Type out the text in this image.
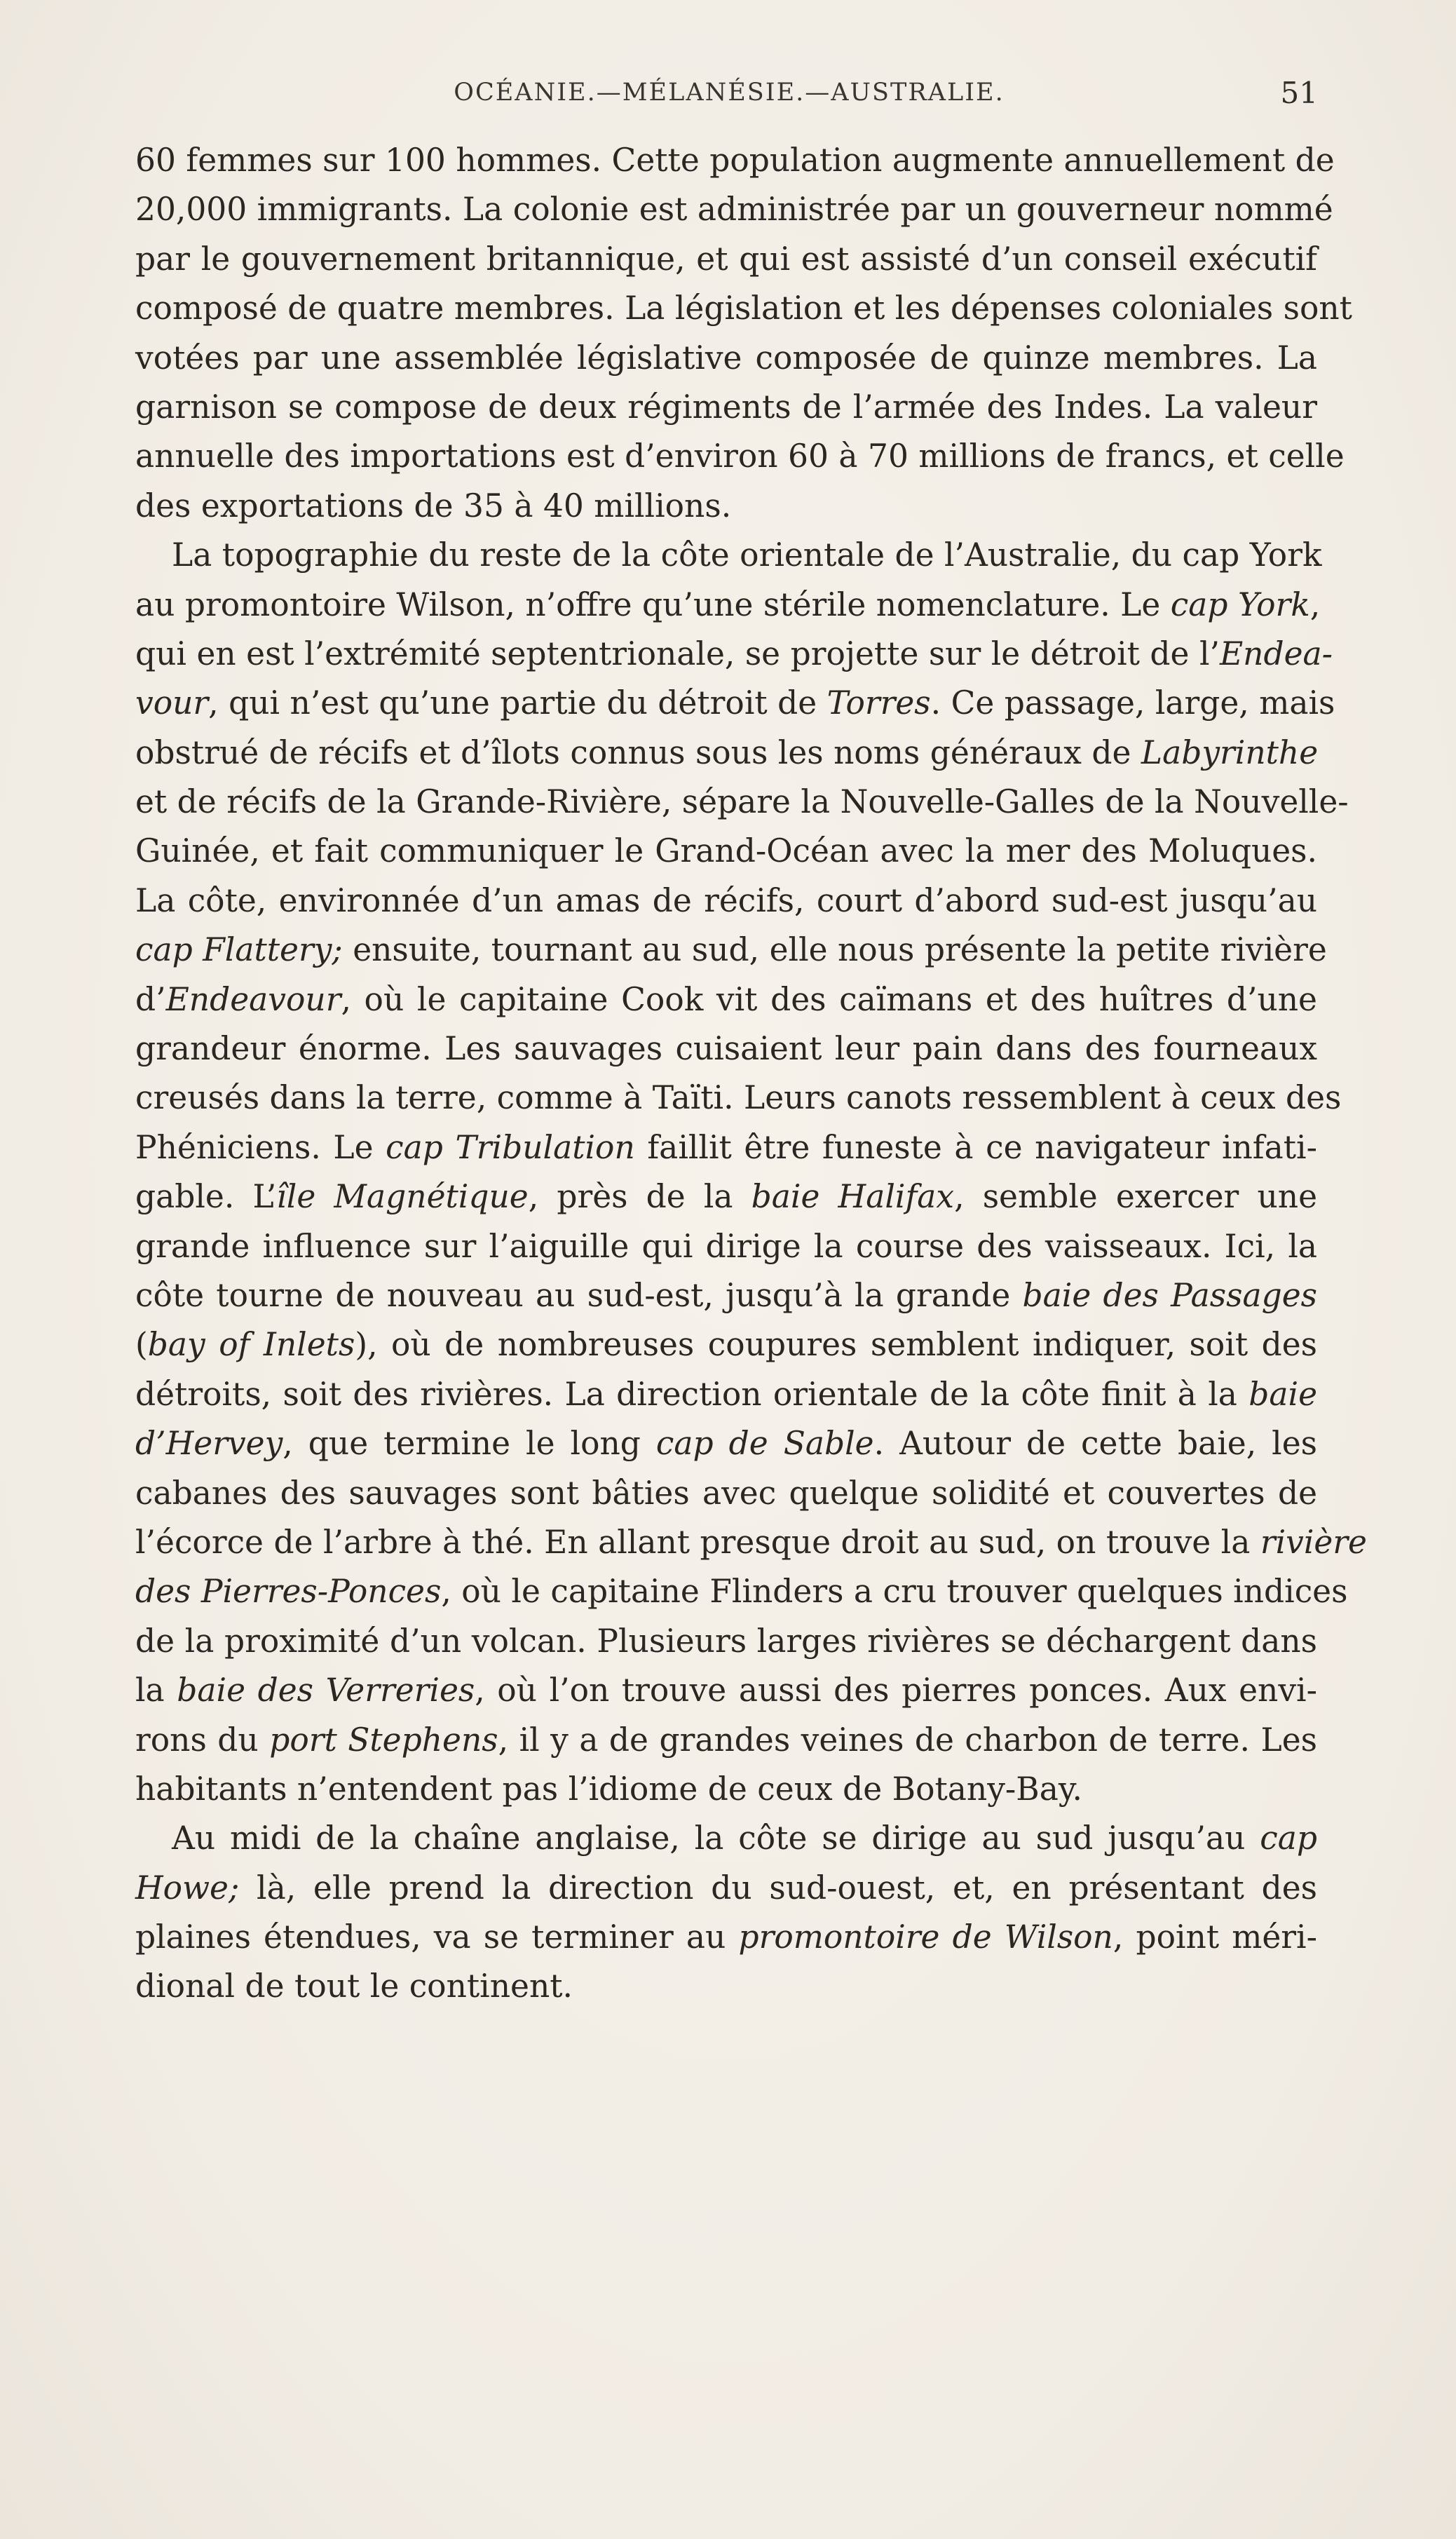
OCÉANIE.—MÉLANÉSIE.—AUSTRALIE.	51
60 femmes sur 100 hommes. Cette population augmente annuellement de
20,000 immigrants. La colonie est administrée par un gouverneur nommé
par le gouvernement britannique, et qui est assisté d’un conseil exécutif
composé de quatre membres. La législation et les dépenses coloniales sont
votées par une assemblée législative composée de quinze membres. La
garnison se compose de deux régiments de l’armée des Indes. La valeur
annuelle des importations est d’environ 60 à 70 millions de francs, et celle
des exportations de 35 à 40 millions.
La topographie du reste de la côte orientale de l’Australie, du cap York
au promontoire Wilson, n’offre qu’une stérile nomenclature. Le cap York,
qui en est l’extrémité septentrionale, se projette sur le détroit de l’Endea-
vour, qui n’est qu’une partie du détroit de Torres. Ce passage, large, mais
obstrué de récifs et d’îlots connus sous les noms généraux de Labyrinthe
et de récifs de la Grande-Rivière, sépare la Nouvelle-Galles de la Nouvelle-
Guinée, et fait communiquer le Grand-Océan avec la mer des Moluques.
La côte, environnée d’un amas de récifs, court d’abord sud-est jusqu’au
cap Flattery; ensuite, tournant au sud, elle nous présente la petite rivière
d’Endeavour, où le capitaine Cook vit des caïmans et des huîtres d’une
grandeur énorme. Les sauvages cuisaient leur pain dans des fourneaux
creusés dans la terre, comme à Taïti. Leurs canots ressemblent à ceux des
Phéniciens. Le cap Tribulation faillit être funeste à ce navigateur infati-
gable. L’île Magnétique, près de la baie Halifax, semble exercer une
grande influence sur l’aiguille qui dirige la course des vaisseaux. Ici, la
côte tourne de nouveau au sud-est, jusqu’à la grande baie des Passages
(bay of Inlets), où de nombreuses coupures semblent indiquer, soit des
détroits, soit des rivières. La direction orientale de la côte finit à la baie
d’Hervey, que termine le long cap de Sable. Autour de cette baie, les
cabanes des sauvages sont bâties avec quelque solidité et couvertes de
l’écorce de l’arbre à thé. En allant presque droit au sud, on trouve la rivière
des Pierres-Ponces, où le capitaine Flinders a cru trouver quelques indices
de la proximité d’un volcan. Plusieurs larges rivières se déchargent dans
la baie des Verreries, où l’on trouve aussi des pierres ponces. Aux envi-
rons du port Stephens, il y a de grandes veines de charbon de terre. Les
habitants n’entendent pas l’idiome de ceux de Botany-Bay.
Au midi de la chaîne anglaise, la côte se dirige au sud jusqu’au cap
Howe; là, elle prend la direction du sud-ouest, et, en présentant des
plaines étendues, va se terminer au promontoire de Wilson, point méri-
dional de tout le continent.
